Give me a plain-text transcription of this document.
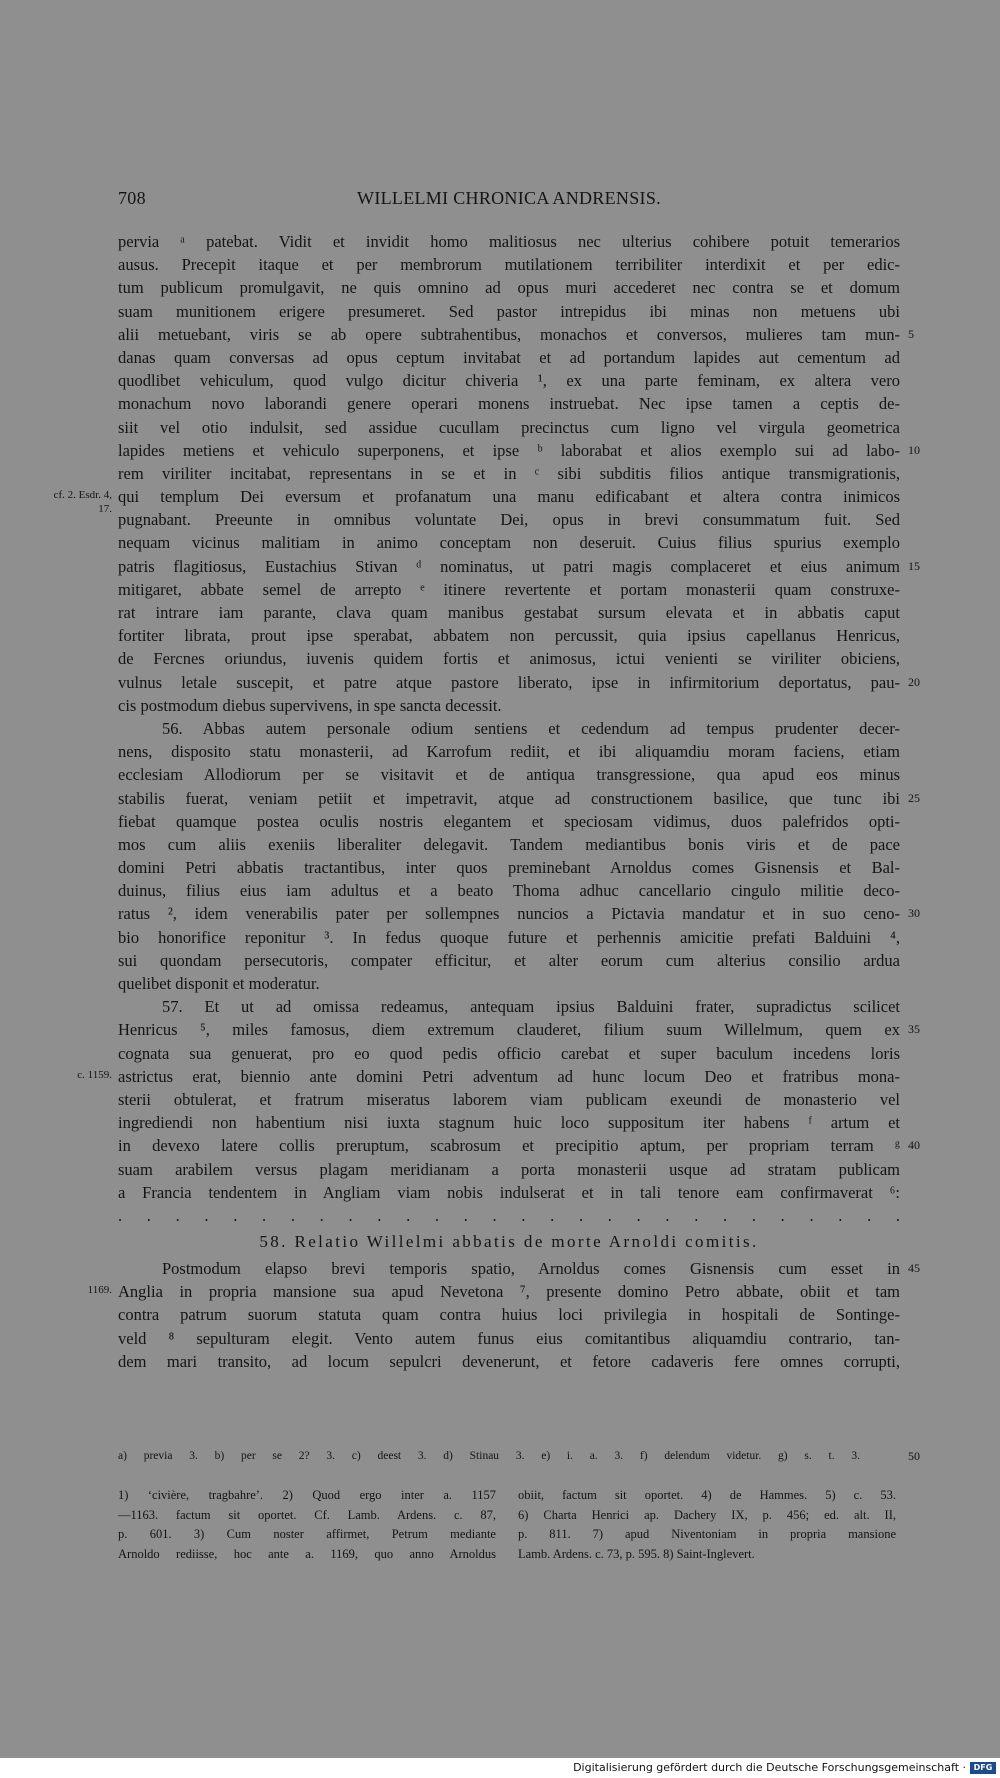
708	WILLELMI CHRONICA ANDRENSIS.
pervia ᵃ patebat. Vidit et invidit homo malitiosus nec ulterius cohibere potuit temerarios
ausus. Precepit itaque et per membrorum mutilationem terribiliter interdixit et per edic-
tum publicum promulgavit, ne quis omnino ad opus muri accederet nec contra se et domum
suam munitionem erigere presumeret. Sed pastor intrepidus ibi minas non metuens ubi
alii metuebant, viris se ab opere subtrahentibus, monachos et conversos, mulieres tam mun- 5
danas quam conversas ad opus ceptum invitabat et ad portandum lapides aut cementum ad
quodlibet vehiculum, quod vulgo dicitur chiveria ¹, ex una parte feminam, ex altera vero
monachum novo laborandi genere operari monens instruebat. Nec ipse tamen a ceptis de-
siit vel otio indulsit, sed assidue cucullam precinctus cum ligno vel virgula geometrica
lapides metiens et vehiculo superponens, et ipse ᵇ laborabat et alios exemplo sui ad labo- 10
rem viriliter incitabat, representans in se et in ᶜ sibi subditis filios antique transmigrationis,
qui templum Dei eversum et profanatum una manu edificabant et altera contra inimicos
cf. 2. Esdr. 4,
17.
pugnabant. Preeunte in omnibus voluntate Dei, opus in brevi consummatum fuit. Sed
nequam vicinus malitiam in animo conceptam non deseruit. Cuius filius spurius exemplo
patris flagitiosus, Eustachius Stivan ᵈ nominatus, ut patri magis complaceret et eius animum 15
mitigaret, abbate semel de arrepto ᵉ itinere revertente et portam monasterii quam construxe-
rat intrare iam parante, clava quam manibus gestabat sursum elevata et in abbatis caput
fortiter librata, prout ipse sperabat, abbatem non percussit, quia ipsius capellanus Henricus,
de Fercnes oriundus, iuvenis quidem fortis et animosus, ictui venienti se viriliter obiciens,
vulnus letale suscepit, et patre atque pastore liberato, ipse in infirmitorium deportatus, pau- 20
cis postmodum diebus supervivens, in spe sancta decessit.
56. Abbas autem personale odium sentiens et cedendum ad tempus prudenter decer-
nens, disposito statu monasterii, ad Karrofum rediit, et ibi aliquamdiu moram faciens, etiam
ecclesiam Allodiorum per se visitavit et de antiqua transgressione, qua apud eos minus
stabilis fuerat, veniam petiit et impetravit, atque ad constructionem basilice, que tunc ibi 25
fiebat quamque postea oculis nostris elegantem et speciosam vidimus, duos palefridos opti-
mos cum aliis exeniis liberaliter delegavit. Tandem mediantibus bonis viris et de pace
domini Petri abbatis tractantibus, inter quos preminebant Arnoldus comes Gisnensis et Bal-
duinus, filius eius iam adultus et a beato Thoma adhuc cancellario cingulo militie deco-
ratus ², idem venerabilis pater per sollempnes nuncios a Pictavia mandatur et in suo ceno- 30
bio honorifice reponitur ³. In fedus quoque future et perhennis amicitie prefati Balduini ⁴,
sui quondam persecutoris, compater efficitur, et alter eorum cum alterius consilio ardua
quelibet disponit et moderatur.
57. Et ut ad omissa redeamus, antequam ipsius Balduini frater, supradictus scilicet
Henricus ⁵, miles famosus, diem extremum clauderet, filium suum Willelmum, quem ex 35
cognata sua genuerat, pro eo quod pedis officio carebat et super baculum incedens loris
astrictus erat, biennio ante domini Petri adventum ad hunc locum Deo et fratribus mona-
c. 1159.
sterii obtulerat, et fratrum miseratus laborem viam publicam exeundi de monasterio vel
ingrediendi non habentium nisi iuxta stagnum huic loco suppositum iter habens ᶠ artum et
in devexo latere collis preruptum, scabrosum et precipitio aptum, per propriam terram ᵍ 40
suam arabilem versus plagam meridianam a porta monasterii usque ad stratam publicam
a Francia tendentem in Angliam viam nobis indulserat et in tali tenore eam confirmaverat ⁶:
. . . . . . . . . . . . . . . . . . . . . . . . . . . .
58. Relatio Willelmi abbatis de morte Arnoldi comitis.
Postmodum elapso brevi temporis spatio, Arnoldus comes Gisnensis cum esset in 45
Anglia in propria mansione sua apud Nevetona ⁷, presente domino Petro abbate, obiit et tam
1169.
contra patrum suorum statuta quam contra huius loci privilegia in hospitali de Sontinge-
veld ⁸ sepulturam elegit. Vento autem funus eius comitantibus aliquamdiu contrario, tan-
dem mari transito, ad locum sepulcri devenerunt, et fetore cadaveris fere omnes corrupti,
a) previa 3. b) per se 2? 3. c) deest 3. d) Stinau 3. e) i. a. 3. f) delendum videtur. g) s. t. 3.	50
1) ‘civière, tragbahre’. 2) Quod ergo inter a. 1157
—1163. factum sit oportet. Cf. Lamb. Ardens. c. 87,
p. 601. 3) Cum noster affirmet, Petrum mediante
Arnoldo rediisse, hoc ante a. 1169, quo anno Arnoldus
obiit, factum sit oportet. 4) de Hammes. 5) c. 53.
6) Charta Henrici ap. Dachery IX, p. 456; ed. alt. II,
p. 811. 7) apud Niventoniam in propria mansione
Lamb. Ardens. c. 73, p. 595. 8) Saint-Inglevert.
Digitalisierung gefördert durch die Deutsche Forschungsgemeinschaft · DFG
